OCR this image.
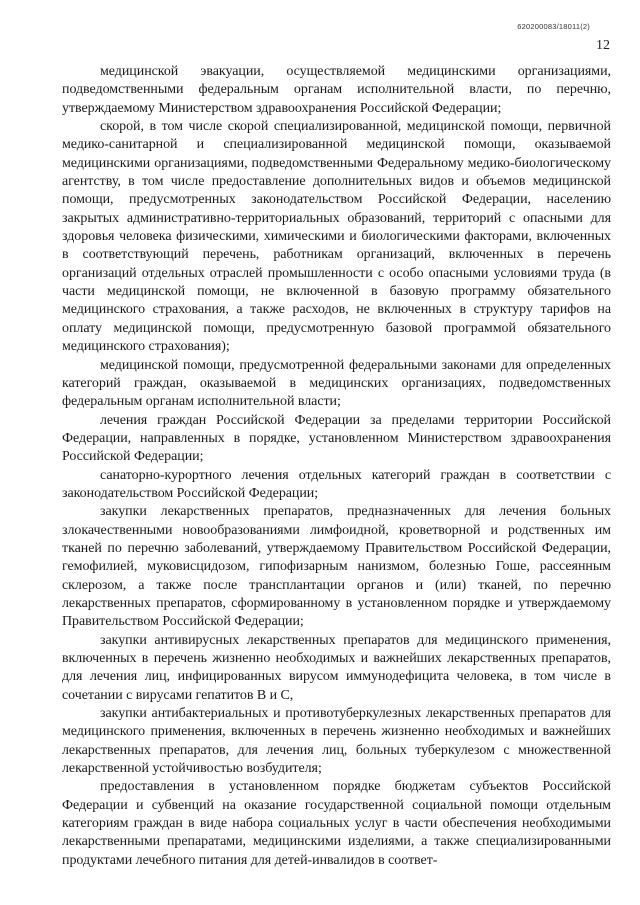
620200083/18011(2)
12

медицинской эвакуации, осуществляемой медицинскими организациями, подведомственными федеральным органам исполнительной власти, по перечню, утверждаемому Министерством здравоохранения Российской Федерации;

скорой, в том числе скорой специализированной, медицинской помощи, первичной медико-санитарной и специализированной медицинской помощи, оказываемой медицинскими организациями, подведомственными Федеральному медико-биологическому агентству, в том числе предоставление дополнительных видов и объемов медицинской помощи, предусмотренных законодательством Российской Федерации, населению закрытых административно-территориальных образований, территорий с опасными для здоровья человека физическими, химическими и биологическими факторами, включенных в соответствующий перечень, работникам организаций, включенных в перечень организаций отдельных отраслей промышленности с особо опасными условиями труда (в части медицинской помощи, не включенной в базовую программу обязательного медицинского страхования, а также расходов, не включенных в структуру тарифов на оплату медицинской помощи, предусмотренную базовой программой обязательного медицинского страхования);

медицинской помощи, предусмотренной федеральными законами для определенных категорий граждан, оказываемой в медицинских организациях, подведомственных федеральным органам исполнительной власти;

лечения граждан Российской Федерации за пределами территории Российской Федерации, направленных в порядке, установленном Министерством здравоохранения Российской Федерации;

санаторно-курортного лечения отдельных категорий граждан в соответствии с законодательством Российской Федерации;

закупки лекарственных препаратов, предназначенных для лечения больных злокачественными новообразованиями лимфоидной, кроветворной и родственных им тканей по перечню заболеваний, утверждаемому Правительством Российской Федерации, гемофилией, муковисцидозом, гипофизарным нанизмом, болезнью Гоше, рассеянным склерозом, а также после трансплантации органов и (или) тканей, по перечню лекарственных препаратов, сформированному в установленном порядке и утверждаемому Правительством Российской Федерации;

закупки антивирусных лекарственных препаратов для медицинского применения, включенных в перечень жизненно необходимых и важнейших лекарственных препаратов, для лечения лиц, инфицированных вирусом иммунодефицита человека, в том числе в сочетании с вирусами гепатитов В и С,

закупки антибактериальных и противотуберкулезных лекарственных препаратов для медицинского применения, включенных в перечень жизненно необходимых и важнейших лекарственных препаратов, для лечения лиц, больных туберкулезом с множественной лекарственной устойчивостью возбудителя;

предоставления в установленном порядке бюджетам субъектов Российской Федерации и субвенций на оказание государственной социальной помощи отдельным категориям граждан в виде набора социальных услуг в части обеспечения необходимыми лекарственными препаратами, медицинскими изделиями, а также специализированными продуктами лечебного питания для детей-инвалидов в соответ-
